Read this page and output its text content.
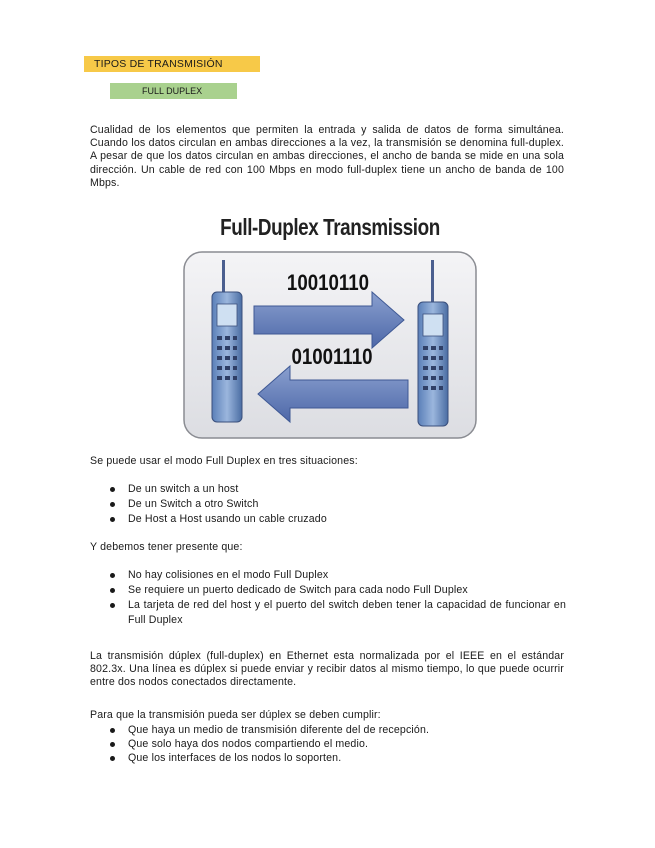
TIPOS DE TRANSMISIÓN
FULL DUPLEX
Cualidad de los elementos que permiten la entrada y salida de datos de forma simultánea. Cuando los datos circulan en ambas direcciones a la vez, la transmisión se denomina full-duplex. A pesar de que los datos circulan en ambas direcciones, el ancho de banda se mide en una sola dirección. Un cable de red con 100 Mbps en modo full-duplex tiene un ancho de banda de 100 Mbps.
10010110
01001110
Full-Duplex Transmission
Se puede usar el modo Full Duplex en tres situaciones:
De un switch a un host
De un Switch a otro Switch
De Host a Host usando un cable cruzado
Y debemos tener presente que:
No hay colisiones en el modo Full Duplex
Se requiere un puerto dedicado de Switch para cada nodo Full Duplex
La tarjeta de red del host y el puerto del switch deben tener la capacidad de funcionar en Full Duplex
La transmisión dúplex (full-duplex) en Ethernet esta normalizada por el IEEE en el estándar 802.3x. Una línea es dúplex si puede enviar y recibir datos al mismo tiempo, lo que puede ocurrir entre dos nodos conectados directamente.
Para que la transmisión pueda ser dúplex se deben cumplir:
Que haya un medio de transmisión diferente del de recepción.
Que solo haya dos nodos compartiendo el medio.
Que los interfaces de los nodos lo soporten.
